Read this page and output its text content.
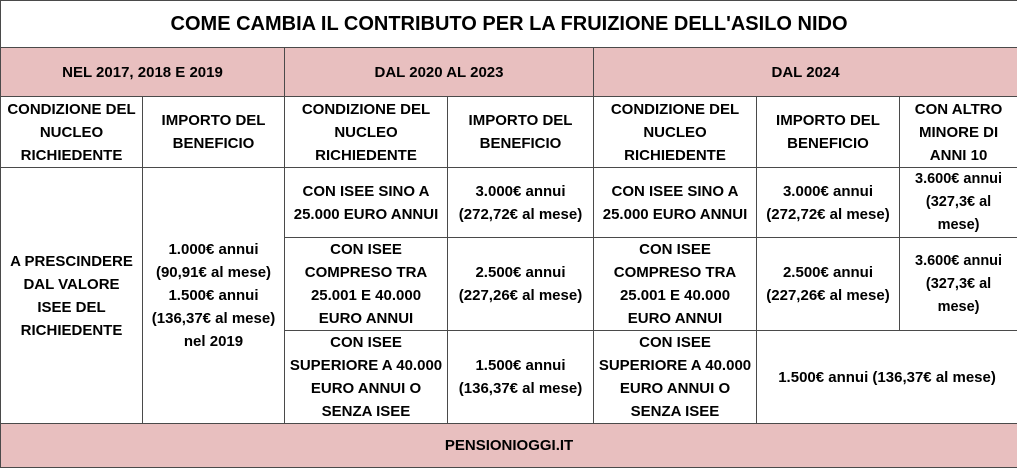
COME CAMBIA IL CONTRIBUTO PER LA FRUIZIONE DELL'ASILO NIDO						
NEL 2017, 2018 E 2019		DAL 2020 AL 2023		DAL 2024		
CONDIZIONE DEL NUCLEO RICHIEDENTE	IMPORTO DEL BENEFICIO	CONDIZIONE DEL NUCLEO RICHIEDENTE	IMPORTO DEL BENEFICIO	CONDIZIONE DEL NUCLEO RICHIEDENTE	IMPORTO DEL BENEFICIO	CON ALTRO MINORE DI ANNI 10
A PRESCINDERE DAL VALORE ISEE DEL RICHIEDENTE	1.000€ annui (90,91€ al mese) 1.500€ annui (136,37€ al mese) nel 2019	CON ISEE SINO A 25.000 EURO ANNUI	3.000€ annui (272,72€ al mese)	CON ISEE SINO A 25.000 EURO ANNUI	3.000€ annui (272,72€ al mese)	3.600€ annui (327,3€ al mese)
		CON ISEE COMPRESO TRA 25.001 E 40.000 EURO ANNUI	2.500€ annui (227,26€ al mese)	CON ISEE COMPRESO TRA 25.001 E 40.000 EURO ANNUI	2.500€ annui (227,26€ al mese)	3.600€ annui (327,3€ al mese)
		CON ISEE SUPERIORE A 40.000 EURO ANNUI O SENZA ISEE	1.500€ annui (136,37€ al mese)	CON ISEE SUPERIORE A 40.000 EURO ANNUI O SENZA ISEE	1.500€ annui (136,37€ al mese)	
PENSIONIOGGI.IT						
